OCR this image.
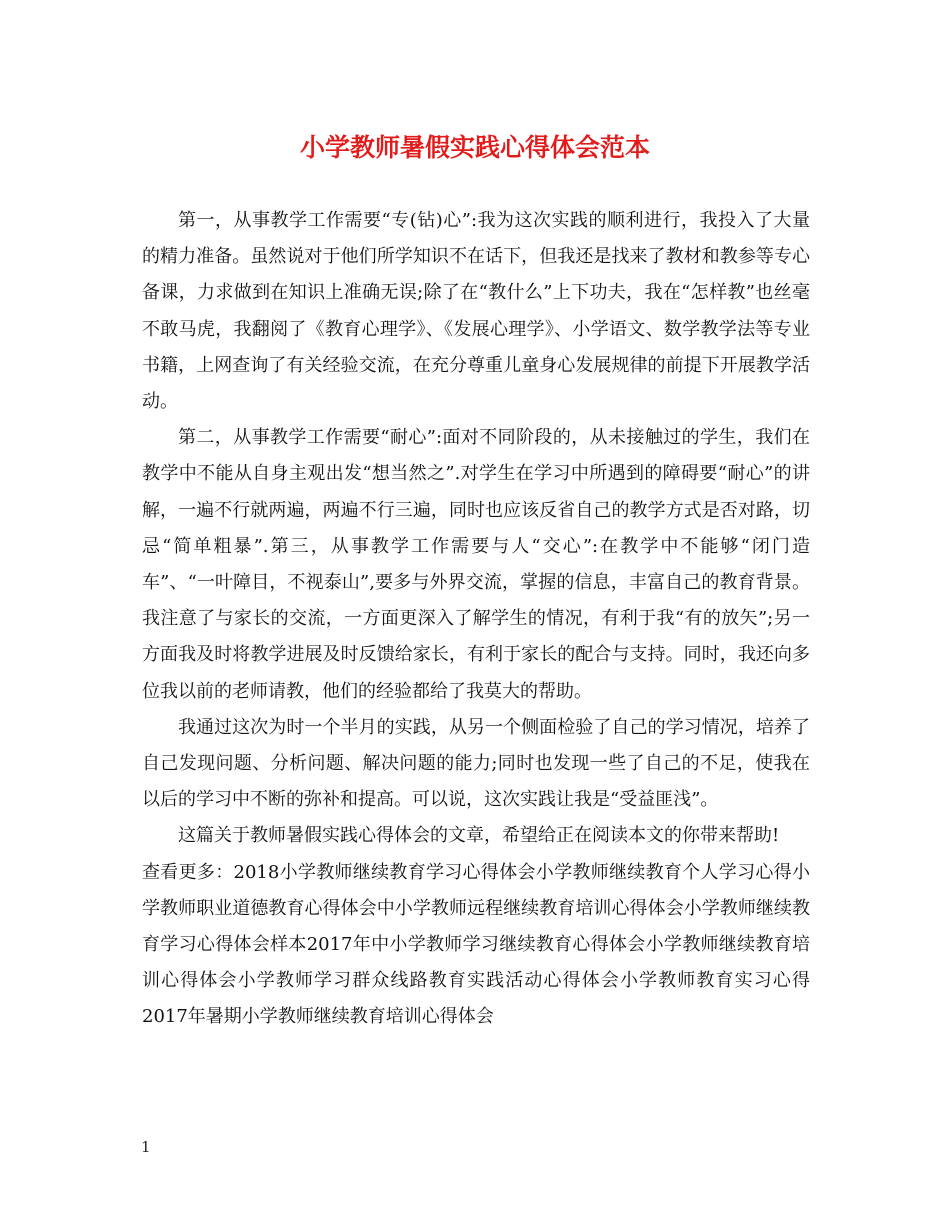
小学教师暑假实践心得体会范本

第一，从事教学工作需要“专(钻)心”:我为这次实践的顺利进行，我投入了大量的精力准备。虽然说对于他们所学知识不在话下，但我还是找来了教材和教参等专心备课，力求做到在知识上准确无误;除了在“教什么”上下功夫，我在“怎样教”也丝毫不敢马虎，我翻阅了《教育心理学》、《发展心理学》、小学语文、数学教学法等专业书籍，上网查询了有关经验交流，在充分尊重儿童身心发展规律的前提下开展教学活动。

第二，从事教学工作需要“耐心”:面对不同阶段的，从未接触过的学生，我们在教学中不能从自身主观出发“想当然之”.对学生在学习中所遇到的障碍要“耐心”的讲解，一遍不行就两遍，两遍不行三遍，同时也应该反省自己的教学方式是否对路，切忌“简单粗暴”.第三，从事教学工作需要与人“交心”:在教学中不能够“闭门造车”、“一叶障目，不视泰山”,要多与外界交流，掌握的信息，丰富自己的教育背景。我注意了与家长的交流，一方面更深入了解学生的情况，有利于我“有的放矢”;另一方面我及时将教学进展及时反馈给家长，有利于家长的配合与支持。同时，我还向多位我以前的老师请教，他们的经验都给了我莫大的帮助。

我通过这次为时一个半月的实践，从另一个侧面检验了自己的学习情况，培养了自己发现问题、分析问题、解决问题的能力;同时也发现一些了自己的不足，使我在以后的学习中不断的弥补和提高。可以说，这次实践让我是“受益匪浅”。

这篇关于教师暑假实践心得体会的文章，希望给正在阅读本文的你带来帮助!

查看更多：2018小学教师继续教育学习心得体会小学教师继续教育个人学习心得小学教师职业道德教育心得体会中小学教师远程继续教育培训心得体会小学教师继续教育学习心得体会样本2017年中小学教师学习继续教育心得体会小学教师继续教育培训心得体会小学教师学习群众线路教育实践活动心得体会小学教师教育实习心得2017年暑期小学教师继续教育培训心得体会

1
